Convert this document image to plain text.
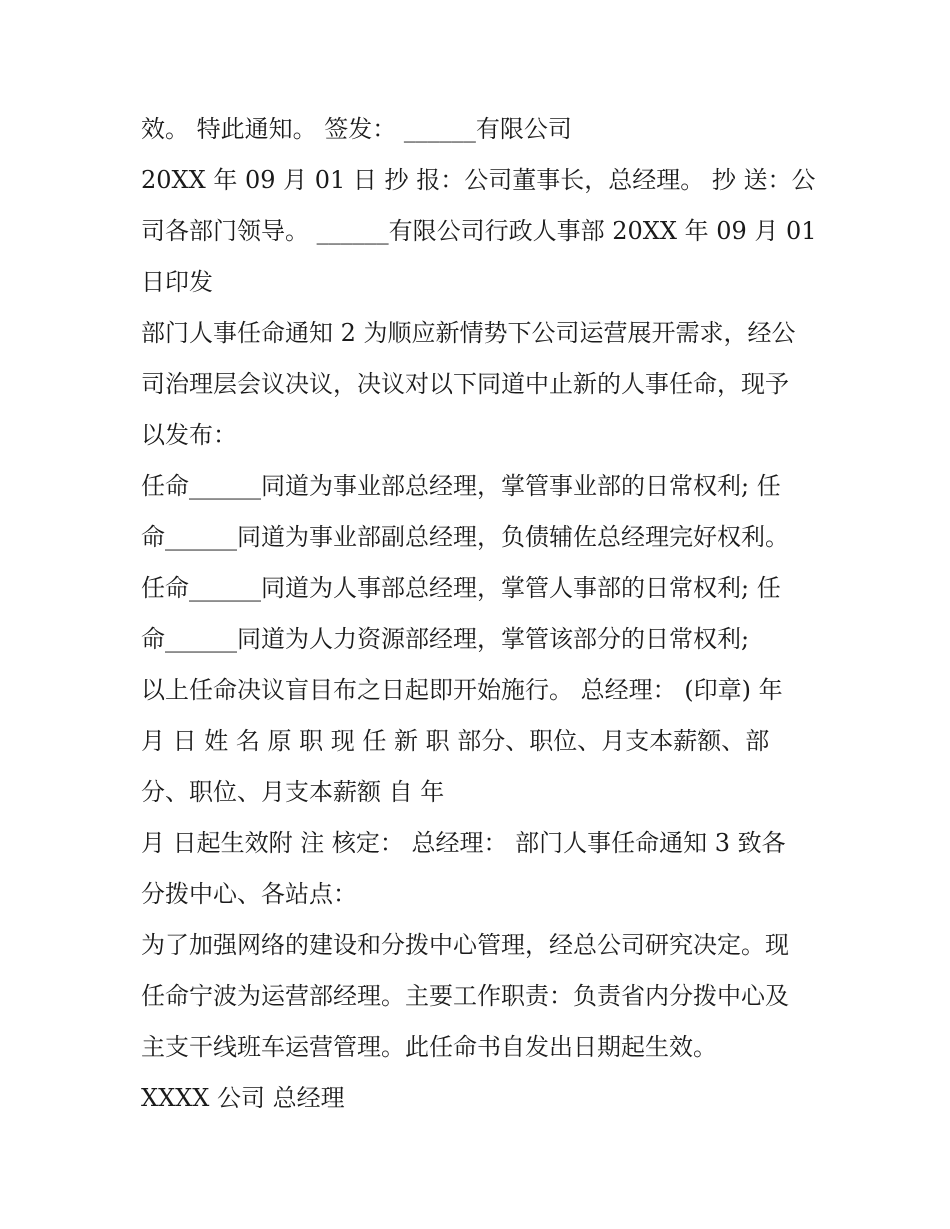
效。 特此通知。 签发： ______有限公司
20XX 年 09 月 01 日 抄 报：公司董事长，总经理。 抄 送：公
司各部门领导。 ______有限公司行政人事部 20XX 年 09 月 01
日印发
部门人事任命通知 2 为顺应新情势下公司运营展开需求，经公
司治理层会议决议，决议对以下同道中止新的人事任命，现予
以发布：
任命______同道为事业部总经理，掌管事业部的日常权利; 任
命______同道为事业部副总经理，负债辅佐总经理完好权利。
任命______同道为人事部总经理，掌管人事部的日常权利; 任
命______同道为人力资源部经理，掌管该部分的日常权利;
以上任命决议盲目布之日起即开始施行。 总经理： (印章) 年
月 日 姓 名 原 职 现 任 新 职 部分、职位、月支本薪额、部
分、职位、月支本薪额 自 年
月 日起生效附 注 核定： 总经理： 部门人事任命通知 3 致各
分拨中心、各站点：
为了加强网络的建设和分拨中心管理，经总公司研究决定。现
任命宁波为运营部经理。主要工作职责：负责省内分拨中心及
主支干线班车运营管理。此任命书自发出日期起生效。
XXXX 公司 总经理
